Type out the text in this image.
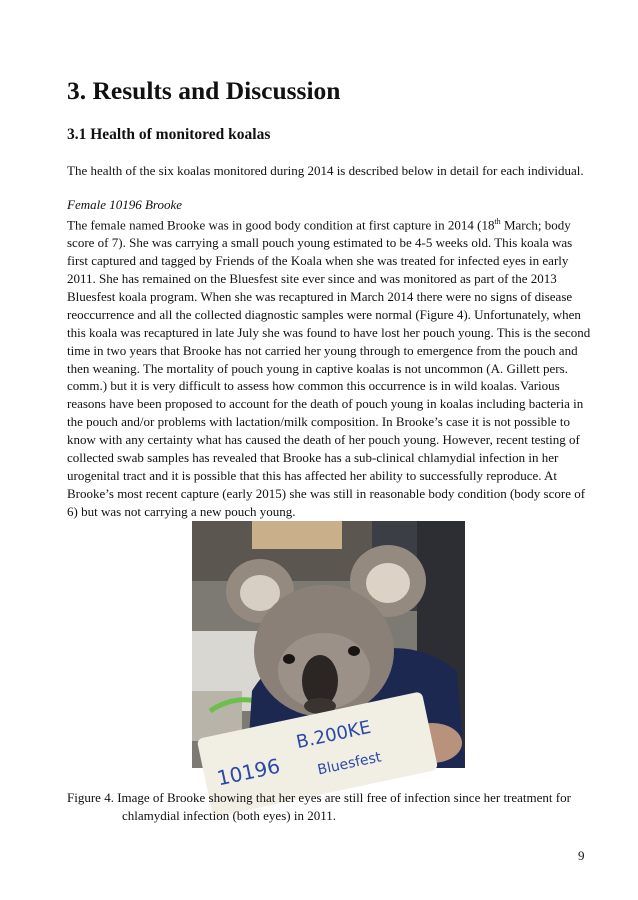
3. Results and Discussion
3.1 Health of monitored koalas

The health of the six koalas monitored during 2014 is described below in detail for each individual.

Female 10196 Brooke

The female named Brooke was in good body condition at first capture in 2014 (18th March; body
score of 7). She was carrying a small pouch young estimated to be 4-5 weeks old. This koala was
first captured and tagged by Friends of the Koala when she was treated for infected eyes in early
2011. She has remained on the Bluesfest site ever since and was monitored as part of the 2013
Bluesfest koala program. When she was recaptured in March 2014 there were no signs of disease
reoccurrence and all the collected diagnostic samples were normal (Figure 4). Unfortunately, when
this koala was recaptured in late July she was found to have lost her pouch young. This is the second
time in two years that Brooke has not carried her young through to emergence from the pouch and
then weaning. The mortality of pouch young in captive koalas is not uncommon (A. Gillett pers.
comm.) but it is very difficult to assess how common this occurrence is in wild koalas. Various
reasons have been proposed to account for the death of pouch young in koalas including bacteria in
the pouch and/or problems with lactation/milk composition. In Brooke’s case it is not possible to
know with any certainty what has caused the death of her pouch young. However, recent testing of
collected swab samples has revealed that Brooke has a sub-clinical chlamydial infection in her
urogenital tract and it is possible that this has affected her ability to successfully reproduce. At
Brooke’s most recent capture (early 2015) she was still in reasonable body condition (body score of
6) but was not carrying a new pouch young.
10196
B.200KE
Bluesfest

Figure 4. Image of Brooke showing that her eyes are still free of infection since her treatment for
chlamydial infection (both eyes) in 2011.

9
